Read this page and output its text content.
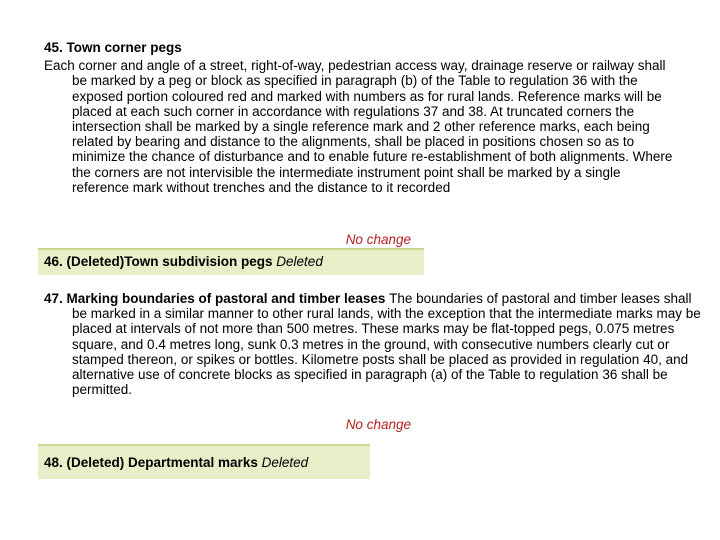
45. Town corner pegs
Each corner and angle of a street, right-of-way, pedestrian access way, drainage reserve or railway shall be marked by a peg or block as specified in paragraph (b) of the Table to regulation 36 with the exposed portion coloured red and marked with numbers as for rural lands. Reference marks will be placed at each such corner in accordance with regulations 37 and 38. At truncated corners the intersection shall be marked by a single reference mark and 2 other reference marks, each being related by bearing and distance to the alignments, shall be placed in positions chosen so as to minimize the chance of disturbance and to enable future re-establishment of both alignments. Where the corners are not intervisible the intermediate instrument point shall be marked by a single reference mark without trenches and the distance to it recorded
No change
46. (Deleted)Town subdivision pegs Deleted
47. Marking boundaries of pastoral and timber leases The boundaries of pastoral and timber leases shall be marked in a similar manner to other rural lands, with the exception that the intermediate marks may be placed at intervals of not more than 500 metres. These marks may be flat-topped pegs, 0.075 metres square, and 0.4 metres long, sunk 0.3 metres in the ground, with consecutive numbers clearly cut or stamped thereon, or spikes or bottles. Kilometre posts shall be placed as provided in regulation 40, and alternative use of concrete blocks as specified in paragraph (a) of the Table to regulation 36 shall be permitted.
No change
48. (Deleted) Departmental marks Deleted
